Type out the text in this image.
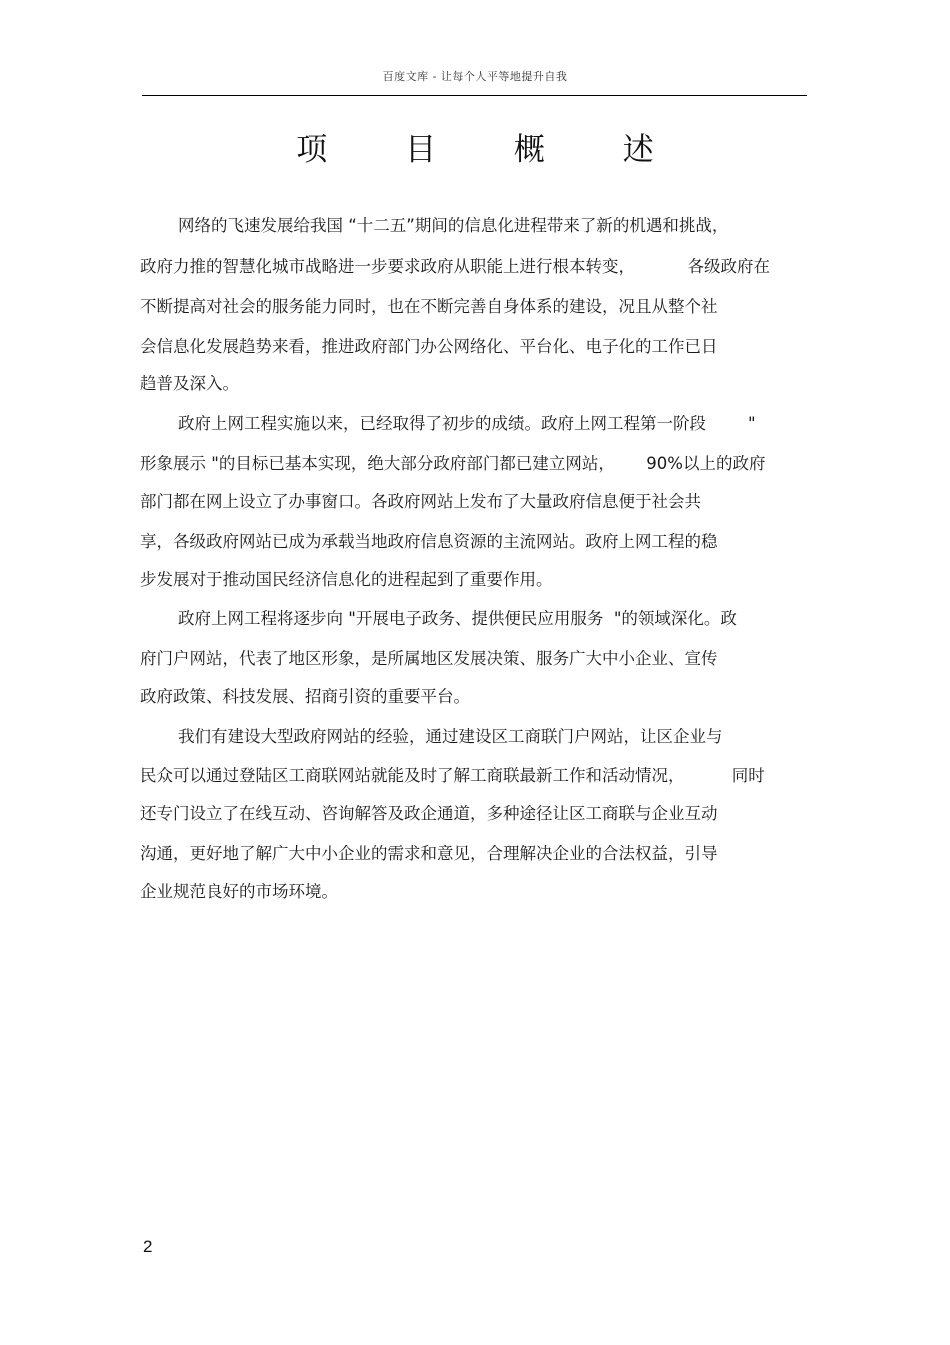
百度文库 - 让每个人平等地提升自我
项 目 概 述
网络的飞速发展给我国 “十二五”期间的信息化进程带来了新的机遇和挑战，
政府力推的智慧化城市战略进一步要求政府从职能上进行根本转变，          各级政府在
不断提高对社会的服务能力同时，也在不断完善自身体系的建设，况且从整个社
会信息化发展趋势来看，推进政府部门办公网络化、平台化、电子化的工作已日
趋普及深入。
政府上网工程实施以来，已经取得了初步的成绩。政府上网工程第一阶段        "
形象展示 "的目标已基本实现，绝大部分政府部门都已建立网站，      90%以上的政府
部门都在网上设立了办事窗口。各政府网站上发布了大量政府信息便于社会共
享，各级政府网站已成为承载当地政府信息资源的主流网站。政府上网工程的稳
步发展对于推动国民经济信息化的进程起到了重要作用。
政府上网工程将逐步向 "开展电子政务、提供便民应用服务  "的领域深化。政
府门户网站，代表了地区形象，是所属地区发展决策、服务广大中小企业、宣传
政府政策、科技发展、招商引资的重要平台。
我们有建设大型政府网站的经验，通过建设区工商联门户网站，让区企业与
民众可以通过登陆区工商联网站就能及时了解工商联最新工作和活动情况，         同时
还专门设立了在线互动、咨询解答及政企通道，多种途径让区工商联与企业互动
沟通，更好地了解广大中小企业的需求和意见，合理解决企业的合法权益，引导
企业规范良好的市场环境。
2
